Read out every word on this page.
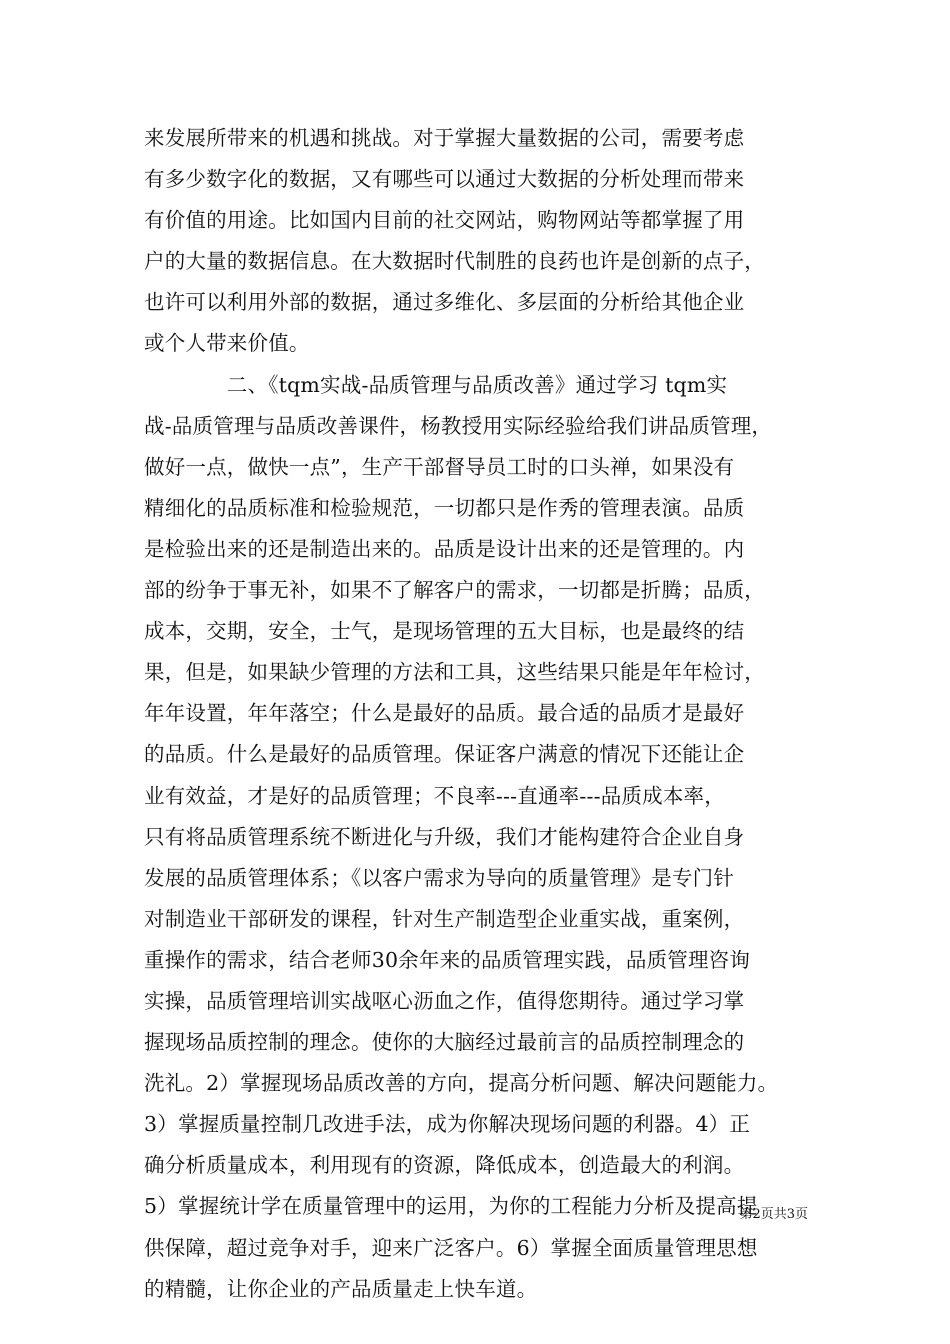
来发展所带来的机遇和挑战。对于掌握大量数据的公司，需要考虑
有多少数字化的数据，又有哪些可以通过大数据的分析处理而带来
有价值的用途。比如国内目前的社交网站，购物网站等都掌握了用
户的大量的数据信息。在大数据时代制胜的良药也许是创新的点子，
也许可以利用外部的数据，通过多维化、多层面的分析给其他企业
或个人带来价值。
　　　　二、《tqm实战-品质管理与品质改善》通过学习 tqm实
战-品质管理与品质改善课件，杨教授用实际经验给我们讲品质管理，
做好一点，做快一点”，生产干部督导员工时的口头禅，如果没有
精细化的品质标准和检验规范，一切都只是作秀的管理表演。品质
是检验出来的还是制造出来的。品质是设计出来的还是管理的。内
部的纷争于事无补，如果不了解客户的需求，一切都是折腾；品质，
成本，交期，安全，士气，是现场管理的五大目标，也是最终的结
果，但是，如果缺少管理的方法和工具，这些结果只能是年年检讨，
年年设置，年年落空；什么是最好的品质。最合适的品质才是最好
的品质。什么是最好的品质管理。保证客户满意的情况下还能让企
业有效益，才是好的品质管理；不良率---直通率---品质成本率，
只有将品质管理系统不断进化与升级，我们才能构建符合企业自身
发展的品质管理体系；《以客户需求为导向的质量管理》是专门针
对制造业干部研发的课程，针对生产制造型企业重实战，重案例，
重操作的需求，结合老师30余年来的品质管理实践，品质管理咨询
实操，品质管理培训实战呕心沥血之作，值得您期待。通过学习掌
握现场品质控制的理念。使你的大脑经过最前言的品质控制理念的
洗礼。2）掌握现场品质改善的方向，提高分析问题、解决问题能力。
3）掌握质量控制几改进手法，成为你解决现场问题的利器。4）正
确分析质量成本，利用现有的资源，降低成本，创造最大的利润。
5）掌握统计学在质量管理中的运用，为你的工程能力分析及提高提
供保障，超过竞争对手，迎来广泛客户。6）掌握全面质量管理思想
的精髓，让你企业的产品质量走上快车道。
第2页共3页
